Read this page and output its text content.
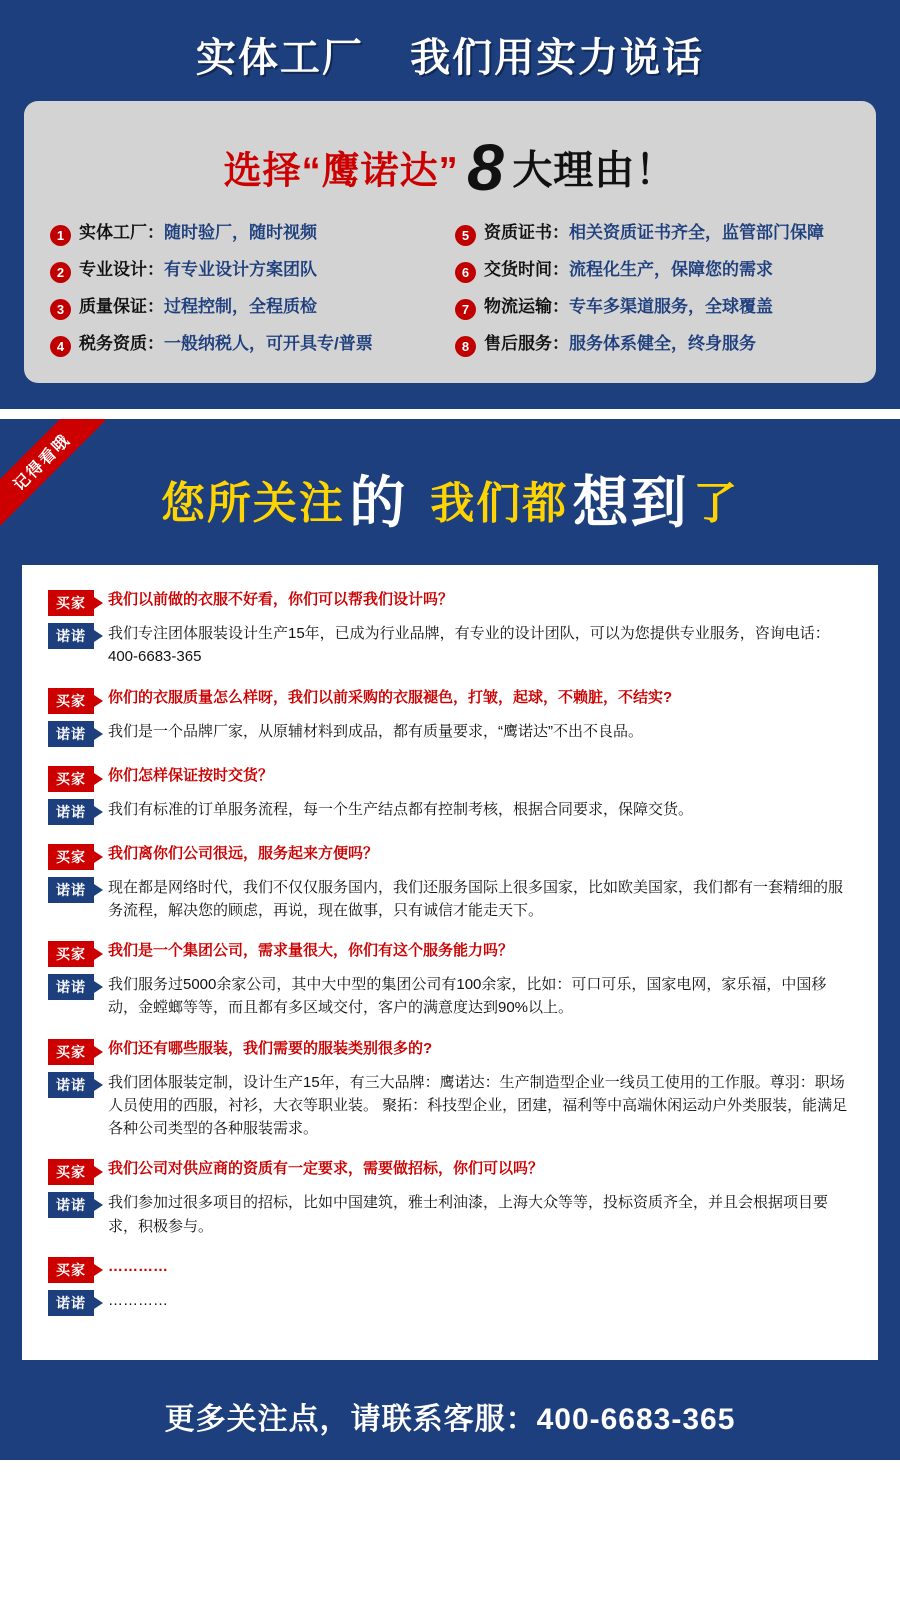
实体工厂 我们用实力说话
选择“鹰诺达” 8 大理由！
1 实体工厂：随时验厂，随时视频	5 资质证书：相关资质证书齐全，监管部门保障
2 专业设计：有专业设计方案团队	6 交货时间：流程化生产，保障您的需求
3 质量保证：过程控制，全程质检	7 物流运输：专车多渠道服务，全球覆盖
4 税务资质：一般纳税人，可开具专/普票	8 售后服务：服务体系健全，终身服务
记得看哦
您所关注 的 我们都 想到 了
买家	我们以前做的衣服不好看，你们可以帮我们设计吗？
诺诺	我们专注团体服装设计生产15年，已成为行业品牌，有专业的设计团队，可以为您提供专业服务，咨询电话：400-6683-365
买家	你们的衣服质量怎么样呀，我们以前采购的衣服褪色，打皱，起球，不赖脏，不结实?
诺诺	我们是一个品牌厂家，从原辅材料到成品，都有质量要求，“鹰诺达”不出不良品。
买家	你们怎样保证按时交货？
诺诺	我们有标准的订单服务流程，每一个生产结点都有控制考核，根据合同要求，保障交货。
买家	我们离你们公司很远，服务起来方便吗？
诺诺	现在都是网络时代，我们不仅仅服务国内，我们还服务国际上很多国家，比如欧美国家，我们都有一套精细的服务流程，解决您的顾虑，再说，现在做事，只有诚信才能走天下。
买家	我们是一个集团公司，需求量很大，你们有这个服务能力吗？
诺诺	我们服务过5000余家公司，其中大中型的集团公司有100余家，比如：可口可乐，国家电网，家乐福，中国移动，金螳螂等等，而且都有多区域交付，客户的满意度达到90%以上。
买家	你们还有哪些服装，我们需要的服装类别很多的?
诺诺	我们团体服装定制，设计生产15年，有三大品牌：鹰诺达：生产制造型企业一线员工使用的工作服。尊羽：职场人员使用的西服，衬衫，大衣等职业装。 聚拓：科技型企业，团建，福利等中高端休闲运动户外类服装，能满足各种公司类型的各种服装需求。
买家	我们公司对供应商的资质有一定要求，需要做招标，你们可以吗？
诺诺	我们参加过很多项目的招标，比如中国建筑，雅士利油漆，上海大众等等，投标资质齐全，并且会根据项目要求，积极参与。
买家	…………
诺诺	…………
更多关注点，请联系客服：400-6683-365
